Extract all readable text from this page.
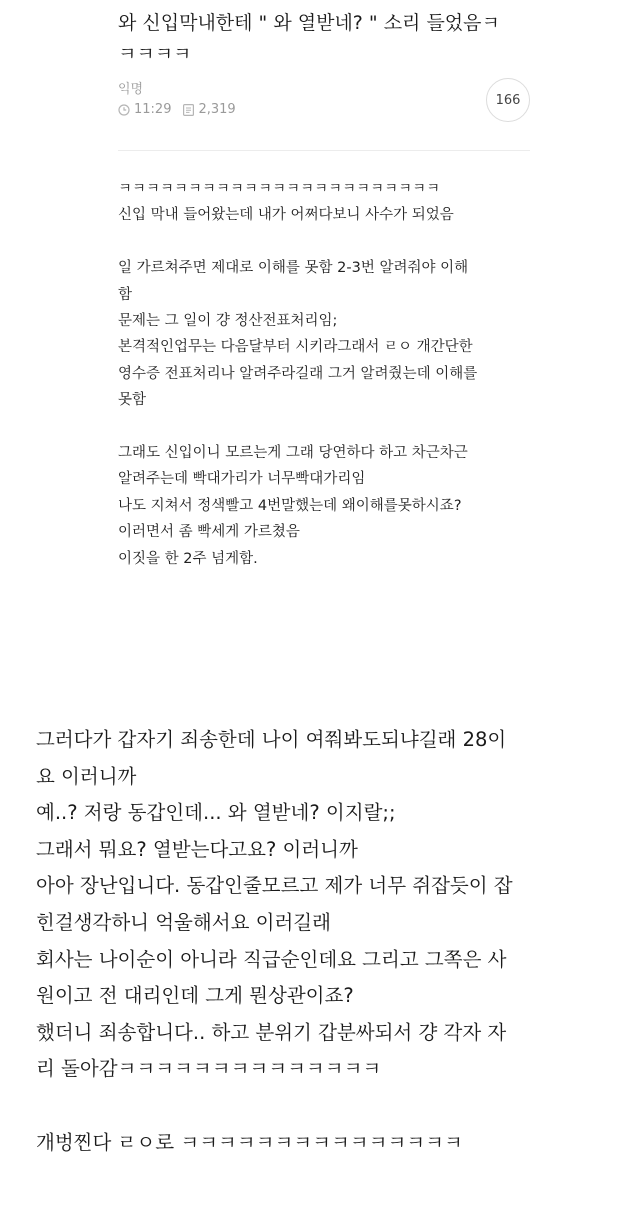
와 신입막내한테 " 와 열받네? " 소리 들었음ㅋ
ㅋㅋㅋㅋ
익명
11:29 2,319
166

ㅋㅋㅋㅋㅋㅋㅋㅋㅋㅋㅋㅋㅋㅋㅋㅋㅋㅋㅋㅋㅋㅋㅋ

신입 막내 들어왔는데 내가 어쩌다보니 사수가 되었음

일 가르쳐주면 제대로 이해를 못함 2-3번 알려줘야 이해
함

문제는 그 일이 걍 정산전표처리임;

본격적인업무는 다음달부터 시키라그래서 ㄹㅇ 개간단한
영수증 전표처리나 알려주라길래 그거 알려줬는데 이해를
못함

그래도 신입이니 모르는게 그래 당연하다 하고 차근차근
알려주는데 빡대가리가 너무빡대가리임

나도 지쳐서 정색빨고 4번말했는데 왜이해를못하시죠?

이러면서 좀 빡세게 가르쳤음

이짓을 한 2주 넘게함.

그러다가 갑자기 죄송한데 나이 여쭤봐도되냐길래 28이
요 이러니까

예..? 저랑 동갑인데... 와 열받네? 이지랄;;

그래서 뭐요? 열받는다고요? 이러니까

아아 장난입니다. 동갑인줄모르고 제가 너무 쥐잡듯이 잡
힌걸생각하니 억울해서요 이러길래

회사는 나이순이 아니라 직급순인데요 그리고 그쪽은 사
원이고 전 대리인데 그게 뭔상관이죠?

했더니 죄송합니다.. 하고 분위기 갑분싸되서 걍 각자 자
리 돌아감ㅋㅋㅋㅋㅋㅋㅋㅋㅋㅋㅋㅋㅋㅋ

개벙찐다 ㄹㅇ로 ㅋㅋㅋㅋㅋㅋㅋㅋㅋㅋㅋㅋㅋㅋㅋ
